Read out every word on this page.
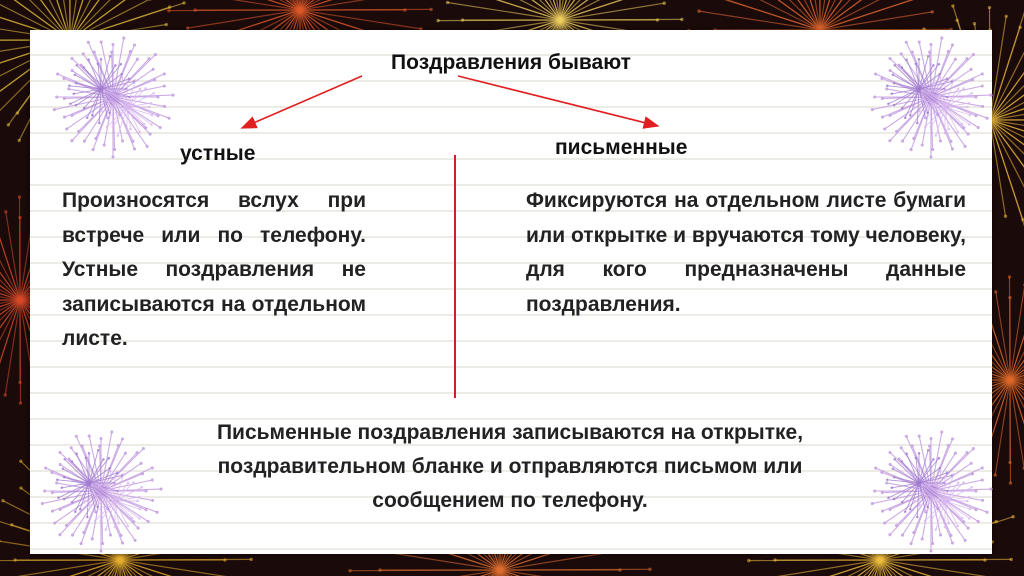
Поздравления бывают
устные	письменные
Произносятся вслух при встрече или по телефону. Устные поздравления не записываются на отдельном листе.
Фиксируются на отдельном листе бумаги или открытке и вручаются тому человеку, для кого предназначены данные поздравления.
Письменные поздравления записываются на открытке, поздравительном бланке и отправляются письмом или сообщением по телефону.
